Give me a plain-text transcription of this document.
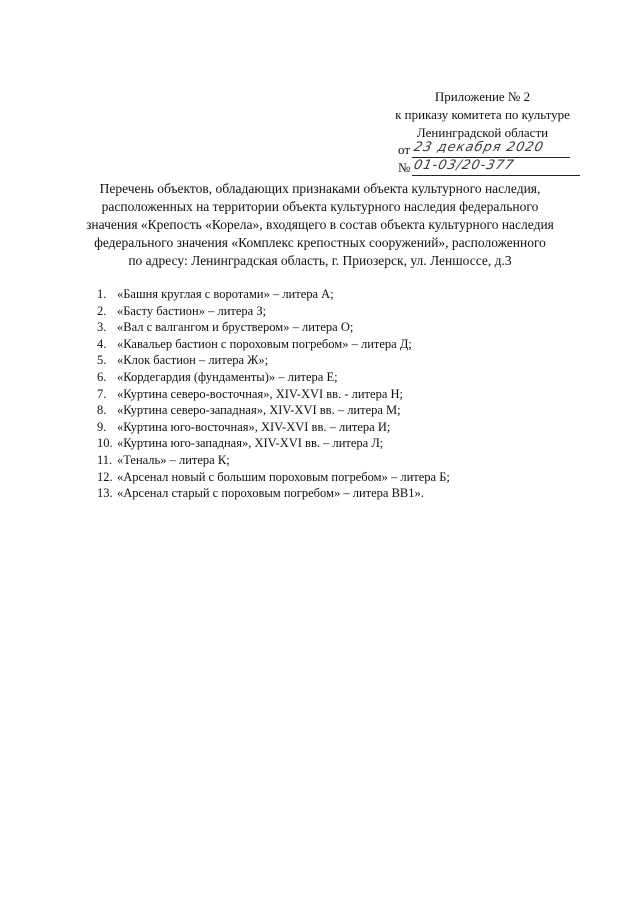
Приложение № 2
к приказу комитета по культуре
Ленинградской области
от 23 декабря 2020
№ 01-03/20-377
Перечень объектов, обладающих признаками объекта культурного наследия,
расположенных на территории объекта культурного наследия федерального
значения «Крепость «Корела», входящего в состав объекта культурного наследия
федерального значения «Комплекс крепостных сооружений», расположенного
по адресу: Ленинградская область, г. Приозерск, ул. Леншоссе, д.3
1. «Башня круглая с воротами» – литера А;
2. «Басту бастион» – литера З;
3. «Вал с валгангом и бруствером» – литера О;
4. «Кавальер бастион с пороховым погребом» – литера Д;
5. «Клок бастион – литера Ж»;
6. «Кордегардия (фундаменты)» – литера Е;
7. «Куртина северо-восточная», XIV-XVI вв. - литера Н;
8. «Куртина северо-западная», XIV-XVI вв. – литера М;
9. «Куртина юго-восточная», XIV-XVI вв. – литера И;
10. «Куртина юго-западная», XIV-XVI вв. – литера Л;
11. «Теналь» – литера К;
12. «Арсенал новый с большим пороховым погребом» – литера Б;
13. «Арсенал старый с пороховым погребом» – литера ВВ1».
